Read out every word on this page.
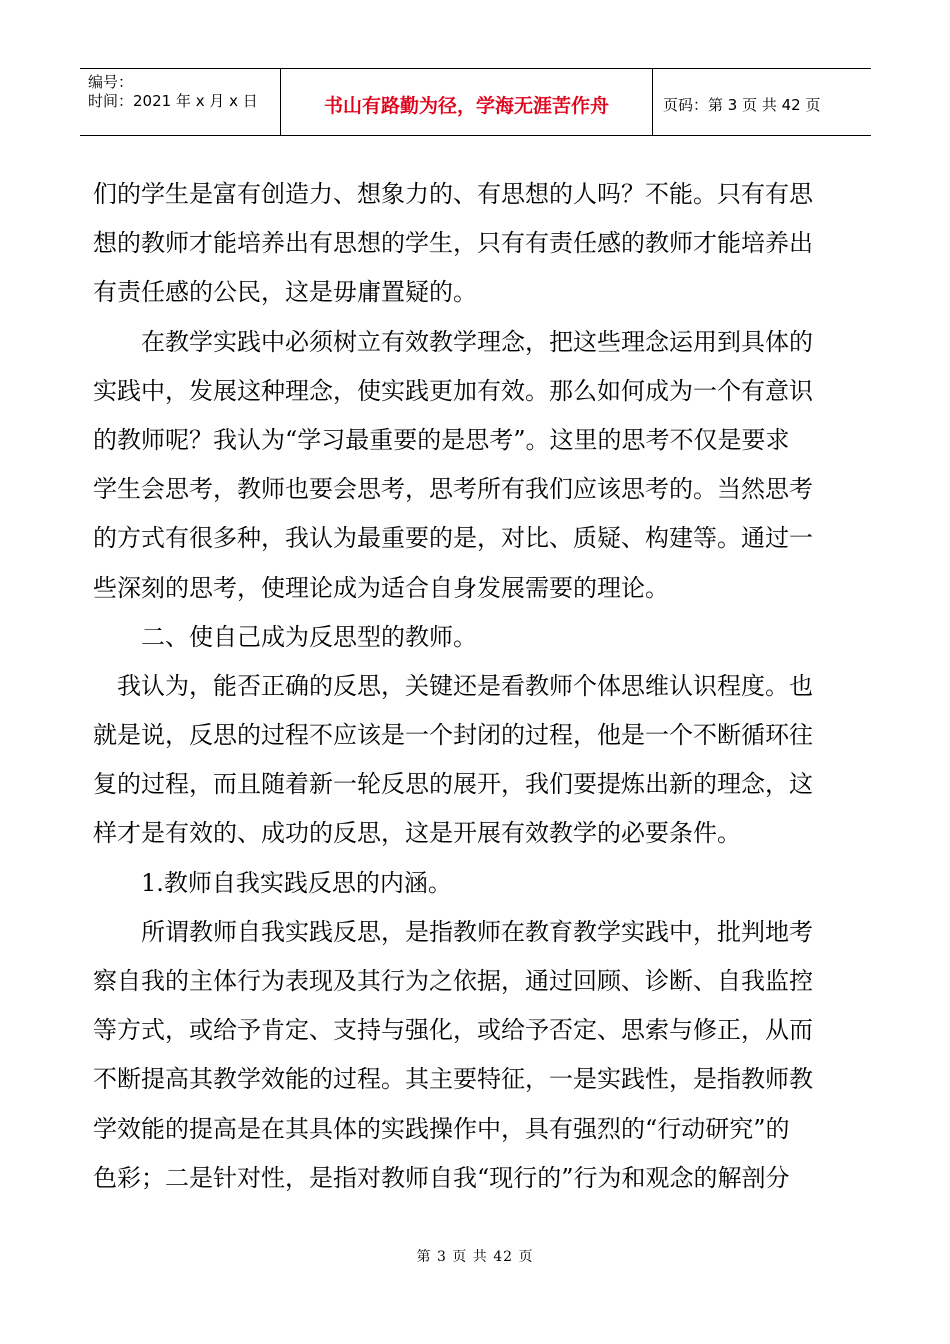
编号：
时间：2021 年 x 月 x 日	书山有路勤为径，学海无涯苦作舟	页码：第 3 页 共 42 页
们的学生是富有创造力、想象力的、有思想的人吗？不能。只有有思
想的教师才能培养出有思想的学生，只有有责任感的教师才能培养出
有责任感的公民，这是毋庸置疑的。
在教学实践中必须树立有效教学理念，把这些理念运用到具体的
实践中，发展这种理念，使实践更加有效。那么如何成为一个有意识
的教师呢？我认为“学习最重要的是思考”。这里的思考不仅是要求
学生会思考，教师也要会思考，思考所有我们应该思考的。当然思考
的方式有很多种，我认为最重要的是，对比、质疑、构建等。通过一
些深刻的思考，使理论成为适合自身发展需要的理论。
二、使自己成为反思型的教师。
我认为，能否正确的反思，关键还是看教师个体思维认识程度。也
就是说，反思的过程不应该是一个封闭的过程，他是一个不断循环往
复的过程，而且随着新一轮反思的展开，我们要提炼出新的理念，这
样才是有效的、成功的反思，这是开展有效教学的必要条件。
1.教师自我实践反思的内涵。
所谓教师自我实践反思，是指教师在教育教学实践中，批判地考
察自我的主体行为表现及其行为之依据，通过回顾、诊断、自我监控
等方式，或给予肯定、支持与强化，或给予否定、思索与修正，从而
不断提高其教学效能的过程。其主要特征，一是实践性，是指教师教
学效能的提高是在其具体的实践操作中，具有强烈的“行动研究”的
色彩；二是针对性，是指对教师自我“现行的”行为和观念的解剖分
第 3 页 共 42 页
